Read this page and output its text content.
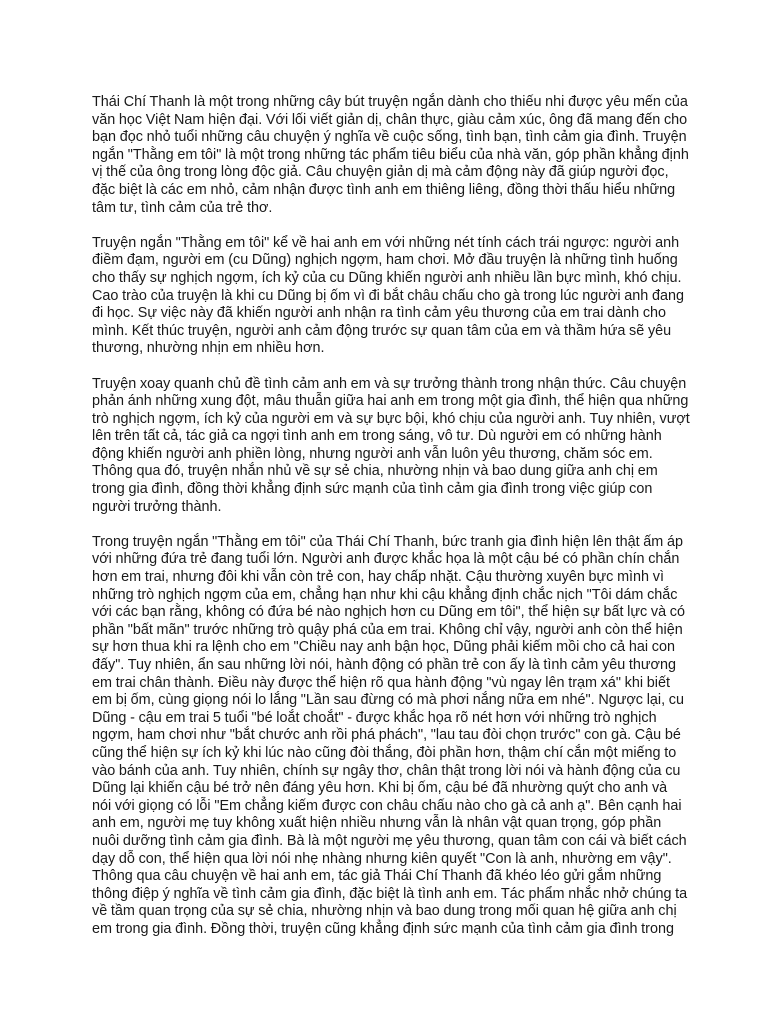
Thái Chí Thanh là một trong những cây bút truyện ngắn dành cho thiếu nhi được yêu mến của văn học Việt Nam hiện đại. Với lối viết giản dị, chân thực, giàu cảm xúc, ông đã mang đến cho bạn đọc nhỏ tuổi những câu chuyện ý nghĩa về cuộc sống, tình bạn, tình cảm gia đình. Truyện ngắn "Thằng em tôi" là một trong những tác phẩm tiêu biểu của nhà văn, góp phần khẳng định vị thế của ông trong lòng độc giả. Câu chuyện giản dị mà cảm động này đã giúp người đọc, đặc biệt là các em nhỏ, cảm nhận được tình anh em thiêng liêng, đồng thời thấu hiểu những tâm tư, tình cảm của trẻ thơ.

Truyện ngắn "Thằng em tôi" kể về hai anh em với những nét tính cách trái ngược: người anh điềm đạm, người em (cu Dũng) nghịch ngợm, ham chơi. Mở đầu truyện là những tình huống cho thấy sự nghịch ngợm, ích kỷ của cu Dũng khiến người anh nhiều lần bực mình, khó chịu. Cao trào của truyện là khi cu Dũng bị ốm vì đi bắt châu chấu cho gà trong lúc người anh đang đi học. Sự việc này đã khiến người anh nhận ra tình cảm yêu thương của em trai dành cho mình. Kết thúc truyện, người anh cảm động trước sự quan tâm của em và thầm hứa sẽ yêu thương, nhường nhịn em nhiều hơn.

Truyện xoay quanh chủ đề tình cảm anh em và sự trưởng thành trong nhận thức. Câu chuyện phản ánh những xung đột, mâu thuẫn giữa hai anh em trong một gia đình, thể hiện qua những trò nghịch ngợm, ích kỷ của người em và sự bực bội, khó chịu của người anh. Tuy nhiên, vượt lên trên tất cả, tác giả ca ngợi tình anh em trong sáng, vô tư. Dù người em có những hành động khiến người anh phiền lòng, nhưng người anh vẫn luôn yêu thương, chăm sóc em. Thông qua đó, truyện nhắn nhủ về sự sẻ chia, nhường nhịn và bao dung giữa anh chị em trong gia đình, đồng thời khẳng định sức mạnh của tình cảm gia đình trong việc giúp con người trưởng thành.

Trong truyện ngắn "Thằng em tôi" của Thái Chí Thanh, bức tranh gia đình hiện lên thật ấm áp với những đứa trẻ đang tuổi lớn. Người anh được khắc họa là một cậu bé có phần chín chắn hơn em trai, nhưng đôi khi vẫn còn trẻ con, hay chấp nhặt. Cậu thường xuyên bực mình vì những trò nghịch ngợm của em, chẳng hạn như khi cậu khẳng định chắc nịch "Tôi dám chắc với các bạn rằng, không có đứa bé nào nghịch hơn cu Dũng em tôi", thể hiện sự bất lực và có phần "bất mãn" trước những trò quậy phá của em trai. Không chỉ vậy, người anh còn thể hiện sự hơn thua khi ra lệnh cho em "Chiều nay anh bận học, Dũng phải kiếm mồi cho cả hai con đấy". Tuy nhiên, ẩn sau những lời nói, hành động có phần trẻ con ấy là tình cảm yêu thương em trai chân thành. Điều này được thể hiện rõ qua hành động "vù ngay lên trạm xá" khi biết em bị ốm, cùng giọng nói lo lắng "Lần sau đừng có mà phơi nắng nữa em nhé". Ngược lại, cu Dũng - cậu em trai 5 tuổi "bé loắt choắt" - được khắc họa rõ nét hơn với những trò nghịch ngợm, ham chơi như "bắt chước anh rồi phá phách", "lau tau đòi chọn trước" con gà. Cậu bé cũng thể hiện sự ích kỷ khi lúc nào cũng đòi thắng, đòi phần hơn, thậm chí cắn một miếng to vào bánh của anh. Tuy nhiên, chính sự ngây thơ, chân thật trong lời nói và hành động của cu Dũng lại khiến cậu bé trở nên đáng yêu hơn. Khi bị ốm, cậu bé đã nhường quýt cho anh và nói với giọng có lỗi "Em chẳng kiếm được con châu chấu nào cho gà cả anh ạ". Bên cạnh hai anh em, người mẹ tuy không xuất hiện nhiều nhưng vẫn là nhân vật quan trọng, góp phần nuôi dưỡng tình cảm gia đình. Bà là một người mẹ yêu thương, quan tâm con cái và biết cách dạy dỗ con, thể hiện qua lời nói nhẹ nhàng nhưng kiên quyết "Con là anh, nhường em vậy". Thông qua câu chuyện về hai anh em, tác giả Thái Chí Thanh đã khéo léo gửi gắm những thông điệp ý nghĩa về tình cảm gia đình, đặc biệt là tình anh em. Tác phẩm nhắc nhở chúng ta về tầm quan trọng của sự sẻ chia, nhường nhịn và bao dung trong mối quan hệ giữa anh chị em trong gia đình. Đồng thời, truyện cũng khẳng định sức mạnh của tình cảm gia đình trong
